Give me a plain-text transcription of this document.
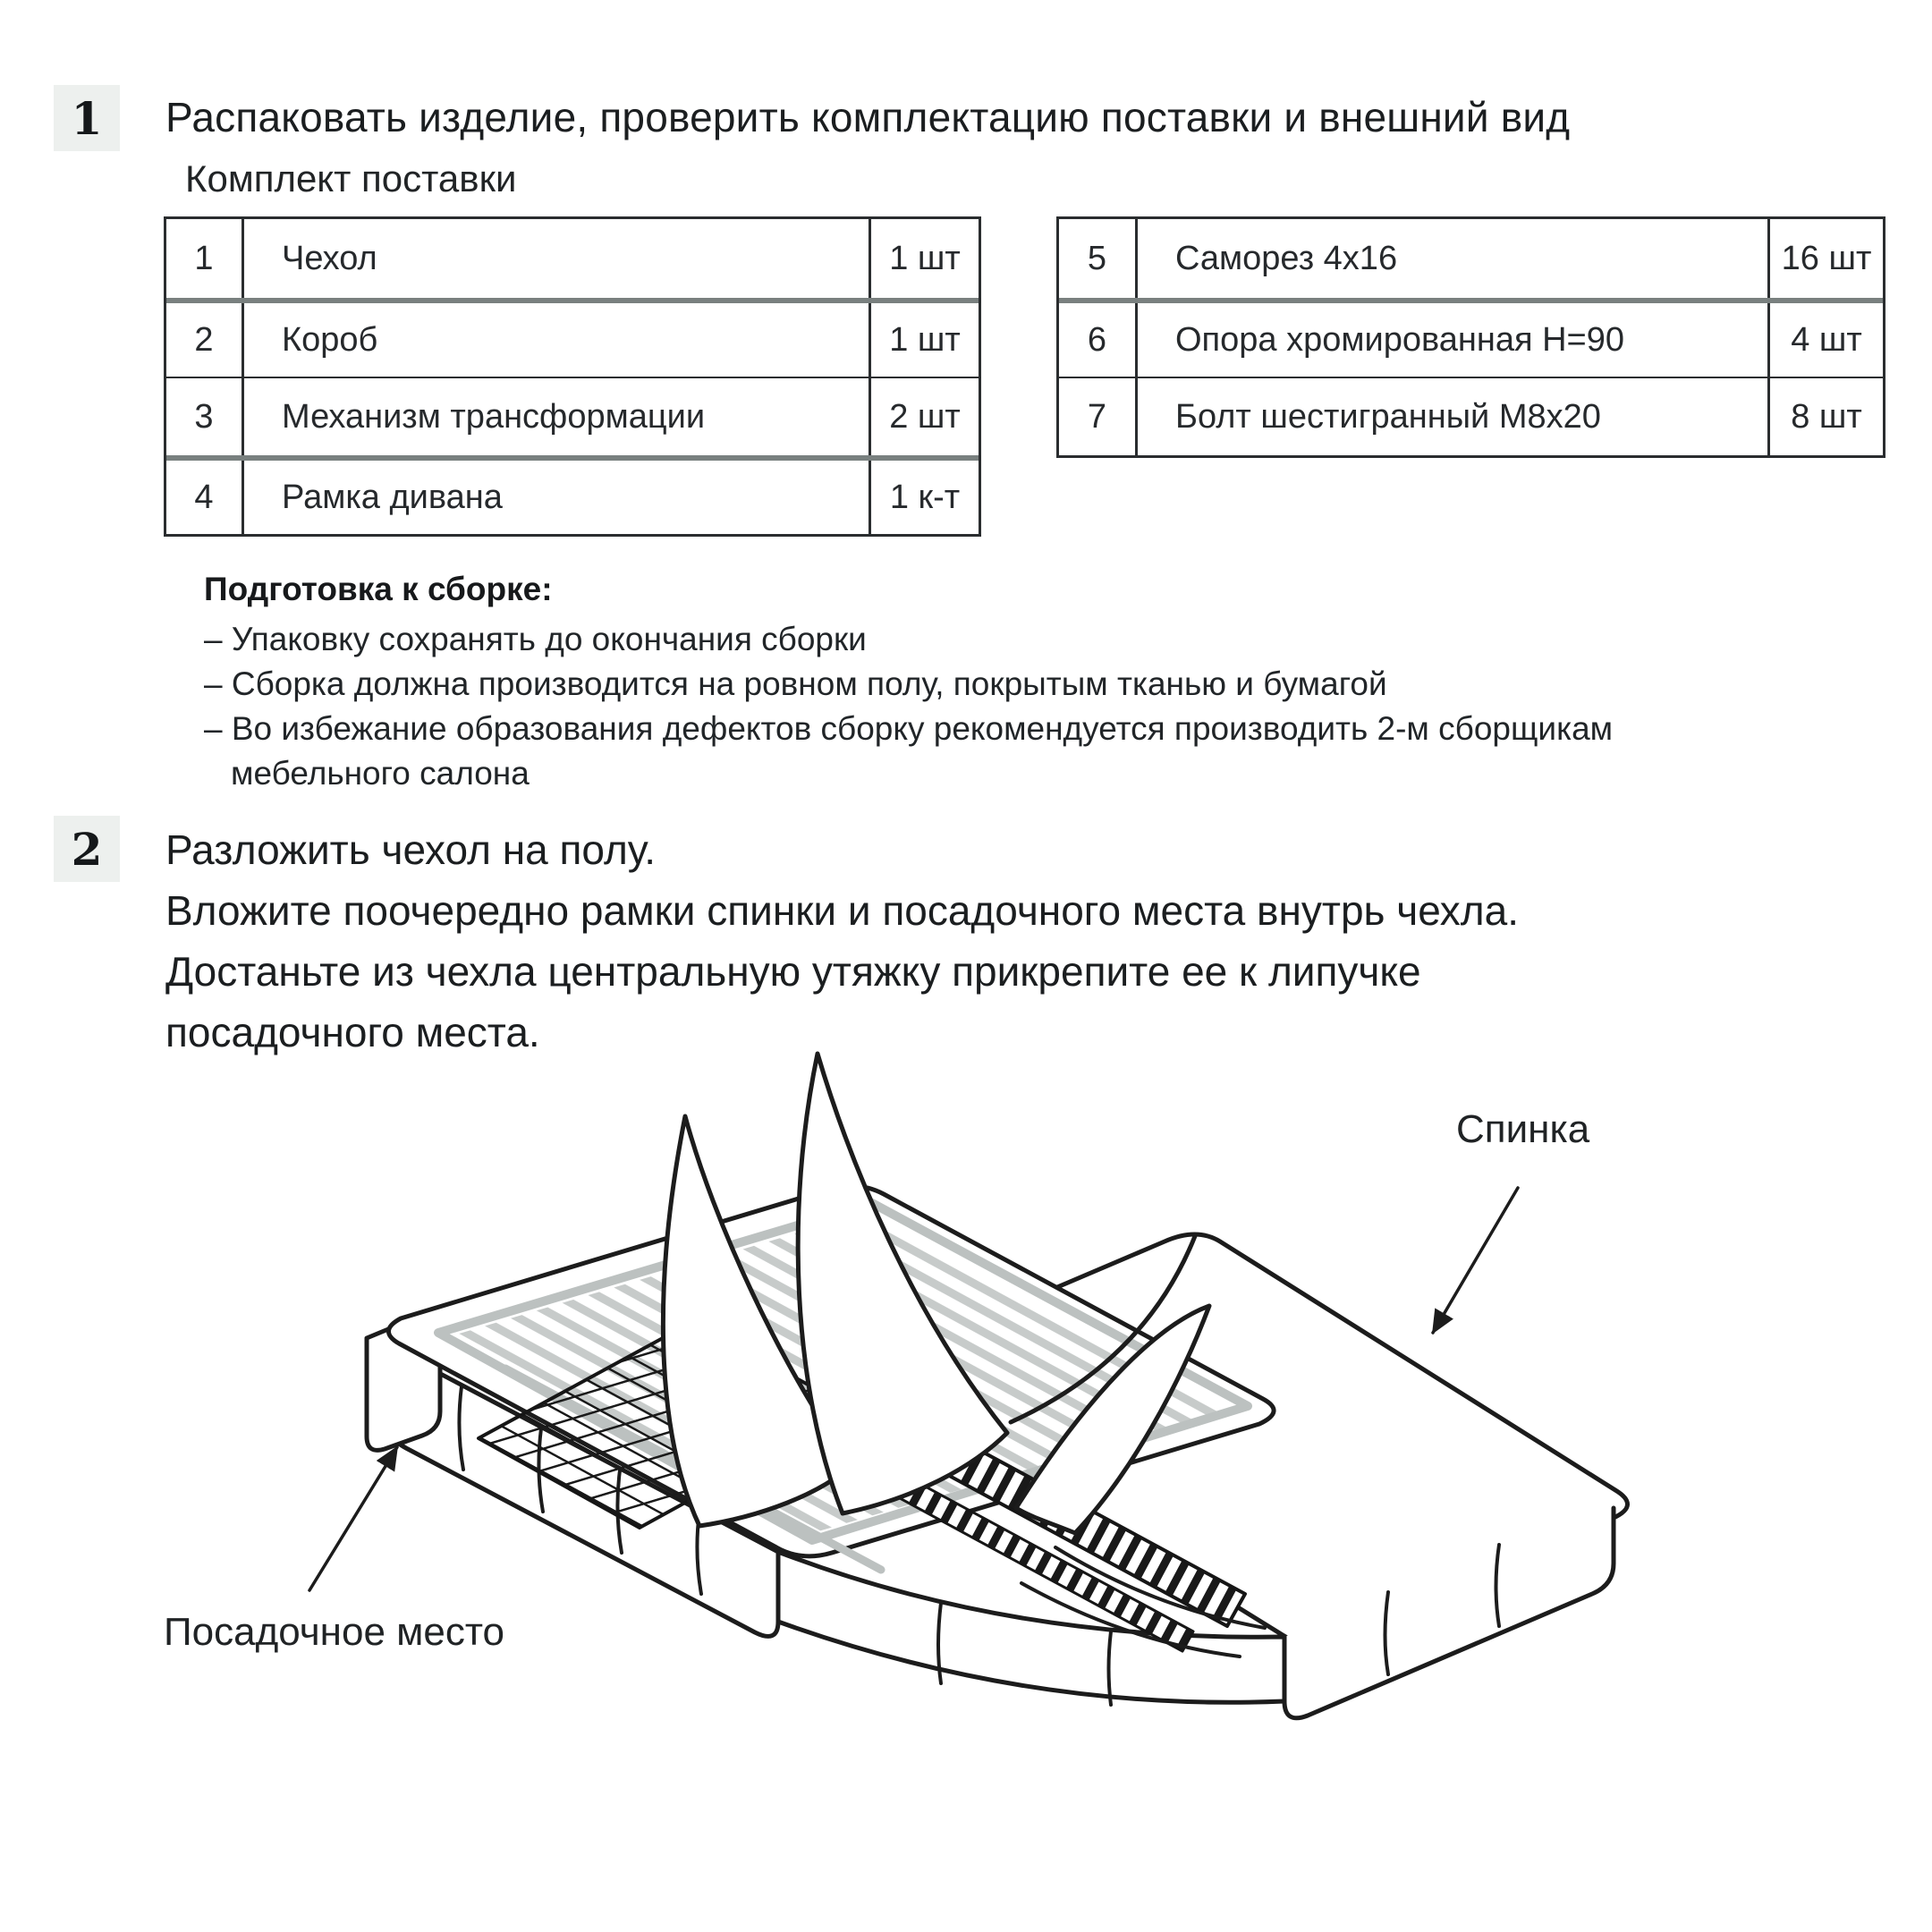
1	Распаковать изделие, проверить комплектацию поставки и внешний вид
Комплект поставки
1	Чехол	1 шт
2	Короб	1 шт
3	Механизм трансформации	2 шт
4	Рамка дивана	1 к-т
5	Саморез 4х16	16 шт
6	Опора хромированная Н=90	4 шт
7	Болт шестигранный М8х20	8 шт
Подготовка к сборке:
– Упаковку сохранять до окончания сборки
– Сборка должна производится на ровном полу, покрытым тканью и бумагой
– Во избежание образования дефектов сборку рекомендуется производить 2-м сборщикам мебельного салона
2	Разложить чехол на полу.
Вложите поочередно рамки спинки и посадочного места внутрь чехла.
Достаньте из чехла центральную утяжку прикрепите ее к липучке
посадочного места.
Спинка
Посадочное место
